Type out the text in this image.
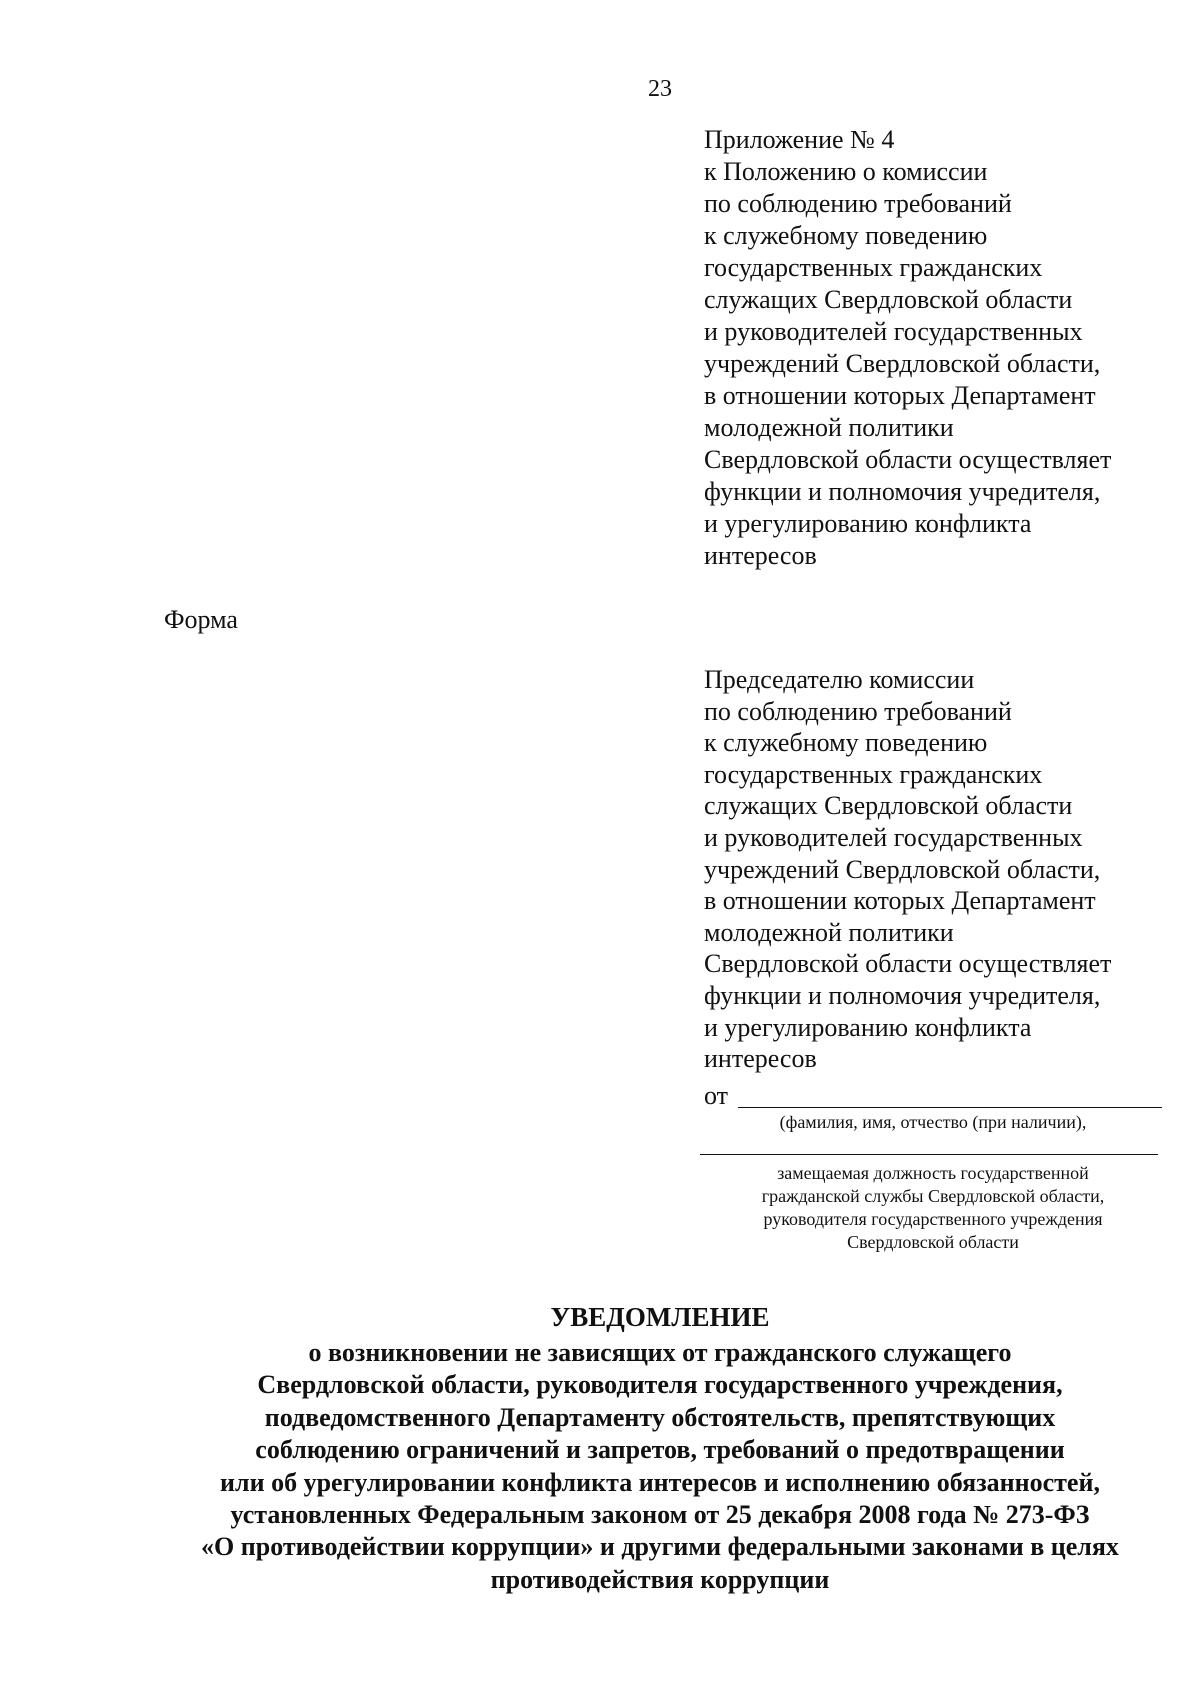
23
Приложение № 4
к Положению о комиссии
по соблюдению требований
к служебному поведению
государственных гражданских
служащих Свердловской области
и руководителей государственных
учреждений Свердловской области,
в отношении которых Департамент
молодежной политики
Свердловской области осуществляет
функции и полномочия учредителя,
и урегулированию конфликта
интересов
Форма
Председателю комиссии
по соблюдению требований
к служебному поведению
государственных гражданских
служащих Свердловской области
и руководителей государственных
учреждений Свердловской области,
в отношении которых Департамент
молодежной политики
Свердловской области осуществляет
функции и полномочия учредителя,
и урегулированию конфликта
интересов
от
(фамилия, имя, отчество (при наличии),
замещаемая должность государственной
гражданской службы Свердловской области,
руководителя государственного учреждения
Свердловской области
УВЕДОМЛЕНИЕ
о возникновении не зависящих от гражданского служащего
Свердловской области, руководителя государственного учреждения,
подведомственного Департаменту обстоятельств, препятствующих
соблюдению ограничений и запретов, требований о предотвращении
или об урегулировании конфликта интересов и исполнению обязанностей,
установленных Федеральным законом от 25 декабря 2008 года № 273-ФЗ
«О противодействии коррупции» и другими федеральными законами в целях
противодействия коррупции
